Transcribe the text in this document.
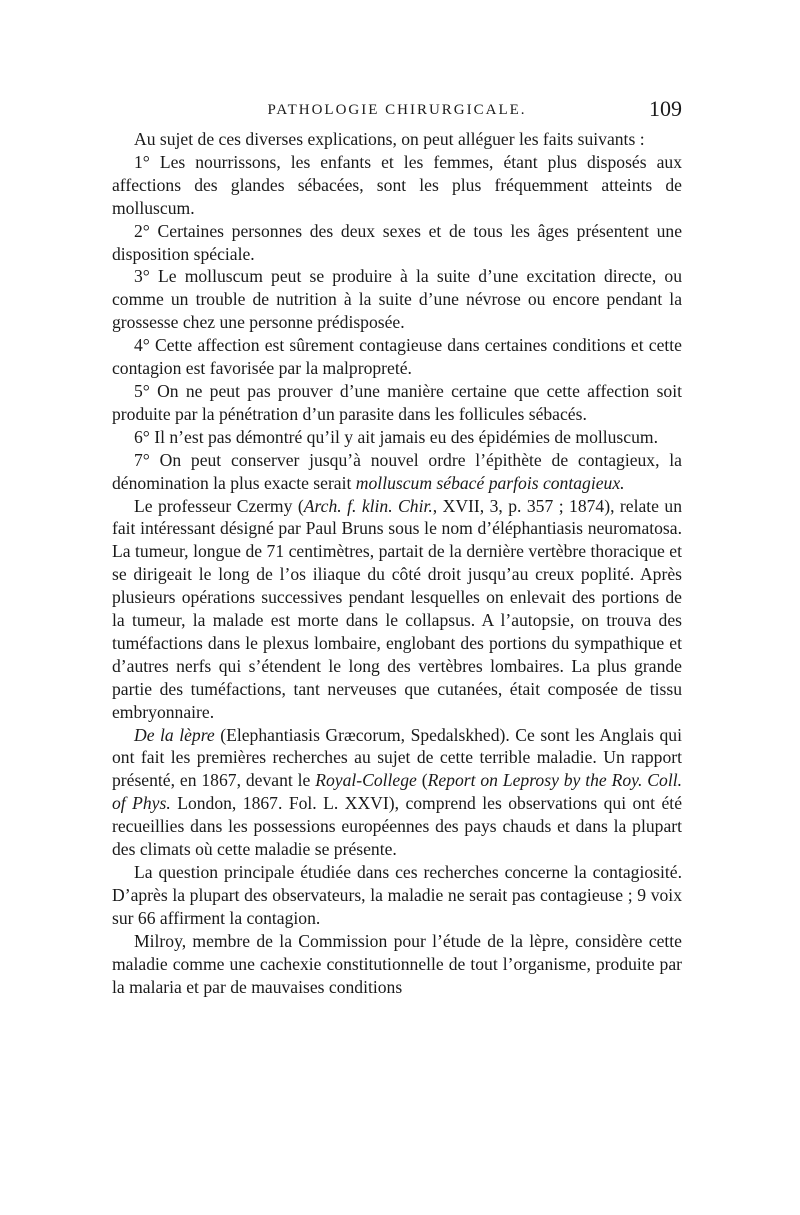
PATHOLOGIE CHIRURGICALE.	109

Au sujet de ces diverses explications, on peut alléguer les faits suivants :

1° Les nourrissons, les enfants et les femmes, étant plus disposés aux affections des glandes sébacées, sont les plus fréquemment atteints de molluscum.

2° Certaines personnes des deux sexes et de tous les âges présentent une disposition spéciale.

3° Le molluscum peut se produire à la suite d’une excitation directe, ou comme un trouble de nutrition à la suite d’une névrose ou encore pendant la grossesse chez une personne prédisposée.

4° Cette affection est sûrement contagieuse dans certaines conditions et cette contagion est favorisée par la malpropreté.

5° On ne peut pas prouver d’une manière certaine que cette affection soit produite par la pénétration d’un parasite dans les follicules sébacés.

6° Il n’est pas démontré qu’il y ait jamais eu des épidémies de molluscum.

7° On peut conserver jusqu’à nouvel ordre l’épithète de contagieux, la dénomination la plus exacte serait molluscum sébacé parfois contagieux.

Le professeur Czermy (Arch. f. klin. Chir., XVII, 3, p. 357 ; 1874), relate un fait intéressant désigné par Paul Bruns sous le nom d’éléphantiasis neuromatosa. La tumeur, longue de 71 centimètres, partait de la dernière vertèbre thoracique et se dirigeait le long de l’os iliaque du côté droit jusqu’au creux poplité. Après plusieurs opérations successives pendant lesquelles on enlevait des portions de la tumeur, la malade est morte dans le collapsus. A l’autopsie, on trouva des tuméfactions dans le plexus lombaire, englobant des portions du sympathique et d’autres nerfs qui s’étendent le long des vertèbres lombaires. La plus grande partie des tuméfactions, tant nerveuses que cutanées, était composée de tissu embryonnaire.

De la lèpre (Elephantiasis Græcorum, Spedalskhed). Ce sont les Anglais qui ont fait les premières recherches au sujet de cette terrible maladie. Un rapport présenté, en 1867, devant le Royal-College (Report on Leprosy by the Roy. Coll. of Phys. London, 1867. Fol. L. XXVI), comprend les observations qui ont été recueillies dans les possessions européennes des pays chauds et dans la plupart des climats où cette maladie se présente.

La question principale étudiée dans ces recherches concerne la contagiosité. D’après la plupart des observateurs, la maladie ne serait pas contagieuse ; 9 voix sur 66 affirment la contagion.

Milroy, membre de la Commission pour l’étude de la lèpre, considère cette maladie comme une cachexie constitutionnelle de tout l’organisme, produite par la malaria et par de mauvaises conditions
